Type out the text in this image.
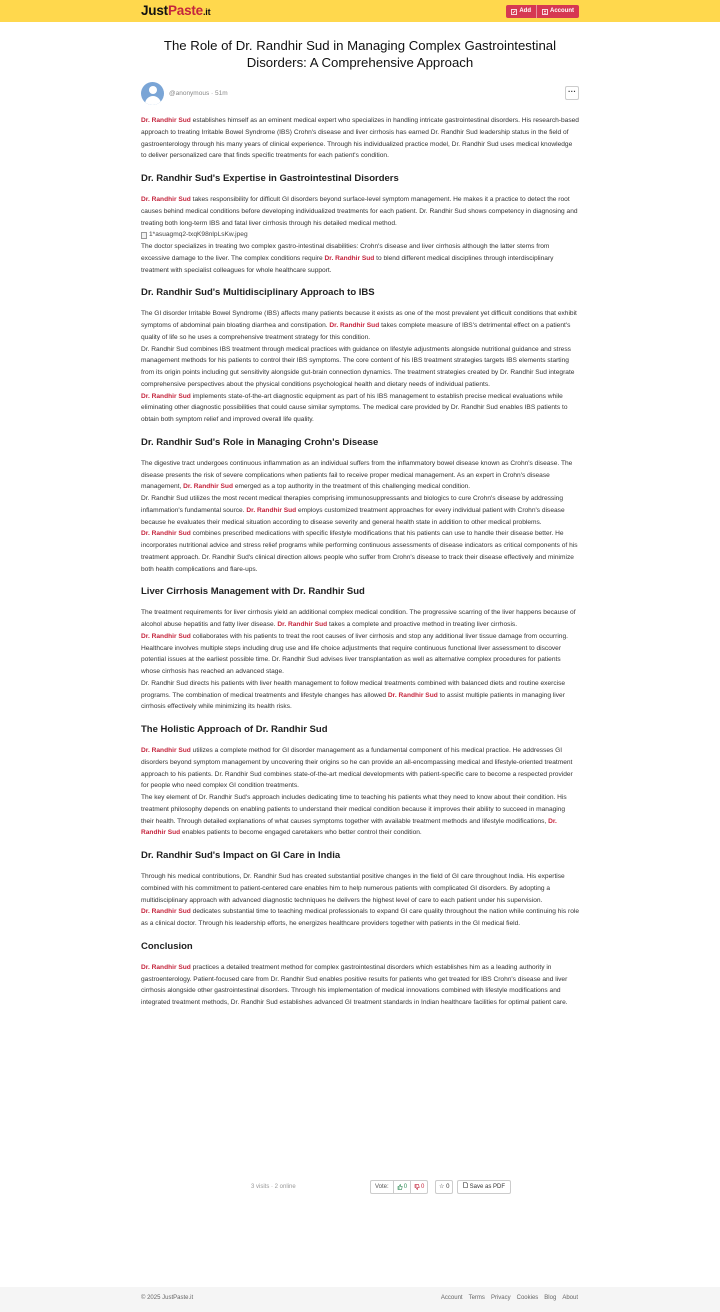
JustPaste.it	Add	Account
The Role of Dr. Randhir Sud in Managing Complex Gastrointestinal Disorders: A Comprehensive Approach
@anonymous · 51m	···

Dr. Randhir Sud establishes himself as an eminent medical expert who specializes in handling intricate gastrointestinal disorders. His research-based approach to treating Irritable Bowel Syndrome (IBS) Crohn's disease and liver cirrhosis has earned Dr. Randhir Sud leadership status in the field of gastroenterology through his many years of clinical experience. Through his individualized practice model, Dr. Randhir Sud uses medical knowledge to deliver personalized care that finds specific treatments for each patient's condition.

Dr. Randhir Sud's Expertise in Gastrointestinal Disorders

Dr. Randhir Sud takes responsibility for difficult GI disorders beyond surface-level symptom management. He makes it a practice to detect the root causes behind medical conditions before developing individualized treatments for each patient. Dr. Randhir Sud shows competency in diagnosing and treating both long-term IBS and fatal liver cirrhosis through his detailed medical method.

1*asuagmq2-txqK98nlpLsKw.jpeg

The doctor specializes in treating two complex gastro-intestinal disabilities: Crohn's disease and liver cirrhosis although the latter stems from excessive damage to the liver. The complex conditions require Dr. Randhir Sud to blend different medical disciplines through interdisciplinary treatment with specialist colleagues for whole healthcare support.

Dr. Randhir Sud's Multidisciplinary Approach to IBS

The GI disorder Irritable Bowel Syndrome (IBS) affects many patients because it exists as one of the most prevalent yet difficult conditions that exhibit symptoms of abdominal pain bloating diarrhea and constipation. Dr. Randhir Sud takes complete measure of IBS's detrimental effect on a patient's quality of life so he uses a comprehensive treatment strategy for this condition.

Dr. Randhir Sud combines IBS treatment through medical practices with guidance on lifestyle adjustments alongside nutritional guidance and stress management methods for his patients to control their IBS symptoms. The core content of his IBS treatment strategies targets IBS elements starting from its origin points including gut sensitivity alongside gut-brain connection dynamics. The treatment strategies created by Dr. Randhir Sud integrate comprehensive perspectives about the physical conditions psychological health and dietary needs of individual patients.

Dr. Randhir Sud implements state-of-the-art diagnostic equipment as part of his IBS management to establish precise medical evaluations while eliminating other diagnostic possibilities that could cause similar symptoms. The medical care provided by Dr. Randhir Sud enables IBS patients to obtain both symptom relief and improved overall life quality.

Dr. Randhir Sud's Role in Managing Crohn's Disease

The digestive tract undergoes continuous inflammation as an individual suffers from the inflammatory bowel disease known as Crohn's disease. The disease presents the risk of severe complications when patients fail to receive proper medical management. As an expert in Crohn's disease management, Dr. Randhir Sud emerged as a top authority in the treatment of this challenging medical condition.

Dr. Randhir Sud utilizes the most recent medical therapies comprising immunosuppressants and biologics to cure Crohn's disease by addressing inflammation's fundamental source. Dr. Randhir Sud employs customized treatment approaches for every individual patient with Crohn's disease because he evaluates their medical situation according to disease severity and general health state in addition to other medical problems.

Dr. Randhir Sud combines prescribed medications with specific lifestyle modifications that his patients can use to handle their disease better. He incorporates nutritional advice and stress relief programs while performing continuous assessments of disease indicators as critical components of his treatment approach. Dr. Randhir Sud's clinical direction allows people who suffer from Crohn's disease to track their disease effectively and minimize both health complications and flare-ups.

Liver Cirrhosis Management with Dr. Randhir Sud

The treatment requirements for liver cirrhosis yield an additional complex medical condition. The progressive scarring of the liver happens because of alcohol abuse hepatitis and fatty liver disease. Dr. Randhir Sud takes a complete and proactive method in treating liver cirrhosis.

Dr. Randhir Sud collaborates with his patients to treat the root causes of liver cirrhosis and stop any additional liver tissue damage from occurring. Healthcare involves multiple steps including drug use and life choice adjustments that require continuous functional liver assessment to discover potential issues at the earliest possible time. Dr. Randhir Sud advises liver transplantation as well as alternative complex procedures for patients whose cirrhosis has reached an advanced stage.

Dr. Randhir Sud directs his patients with liver health management to follow medical treatments combined with balanced diets and routine exercise programs. The combination of medical treatments and lifestyle changes has allowed Dr. Randhir Sud to assist multiple patients in managing liver cirrhosis effectively while minimizing its health risks.

The Holistic Approach of Dr. Randhir Sud

Dr. Randhir Sud utilizes a complete method for GI disorder management as a fundamental component of his medical practice. He addresses GI disorders beyond symptom management by uncovering their origins so he can provide an all-encompassing medical and lifestyle-oriented treatment approach to his patients. Dr. Randhir Sud combines state-of-the-art medical developments with patient-specific care to become a respected provider for people who need complex GI condition treatments.

The key element of Dr. Randhir Sud's approach includes dedicating time to teaching his patients what they need to know about their condition. His treatment philosophy depends on enabling patients to understand their medical condition because it improves their ability to succeed in managing their health. Through detailed explanations of what causes symptoms together with available treatment methods and lifestyle modifications, Dr. Randhir Sud enables patients to become engaged caretakers who better control their condition.

Dr. Randhir Sud's Impact on GI Care in India

Through his medical contributions, Dr. Randhir Sud has created substantial positive changes in the field of GI care throughout India. His expertise combined with his commitment to patient-centered care enables him to help numerous patients with complicated GI disorders. By adopting a multidisciplinary approach with advanced diagnostic techniques he delivers the highest level of care to each patient under his supervision.

Dr. Randhir Sud dedicates substantial time to teaching medical professionals to expand GI care quality throughout the nation while continuing his role as a clinical doctor. Through his leadership efforts, he energizes healthcare providers together with patients in the GI medical field.

Conclusion

Dr. Randhir Sud practices a detailed treatment method for complex gastrointestinal disorders which establishes him as a leading authority in gastroenterology. Patient-focused care from Dr. Randhir Sud enables positive results for patients who get treated for IBS Crohn's disease and liver cirrhosis alongside other gastrointestinal disorders. Through his implementation of medical innovations combined with lifestyle modifications and integrated treatment methods, Dr. Randhir Sud establishes advanced GI treatment standards in Indian healthcare facilities for optimal patient care.

3 visits · 2 online	Vote:	0 0	☆ 0	Save as PDF
© 2025 JustPaste.it	Account Terms Privacy Cookies Blog About
